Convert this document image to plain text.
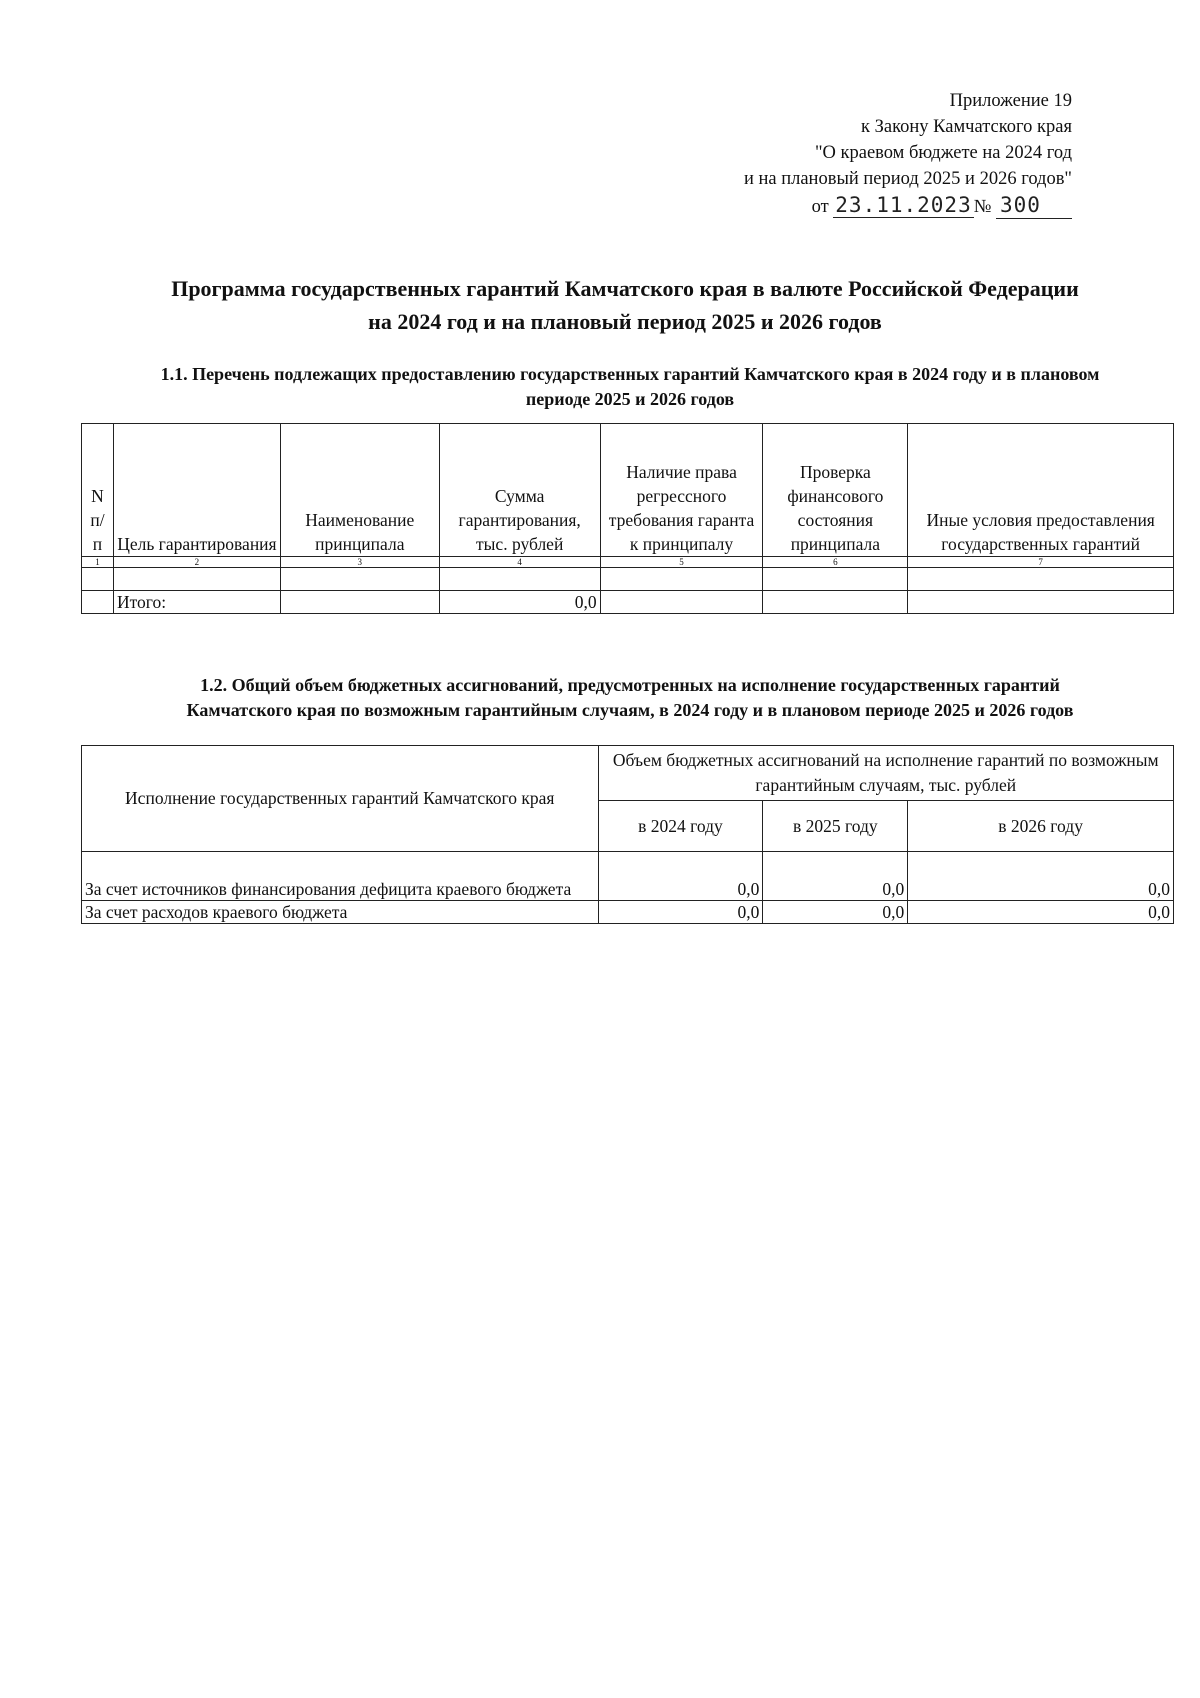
Приложение 19
к Закону Камчатского края
"О краевом бюджете на 2024 год
и на плановый период 2025 и 2026 годов"
от 23.11.2023 № 300
Программа государственных гарантий Камчатского края в валюте Российской Федерации
на 2024 год и на плановый период 2025 и 2026 годов
1.1. Перечень подлежащих предоставлению государственных гарантий Камчатского края в 2024 году и в плановом
периоде 2025 и 2026 годов
N п/ п	Цель гарантирования	Наименование принципала	Сумма гарантирования, тыс. рублей	Наличие права регрессного требования гаранта к принципалу	Проверка финансового состояния принципала	Иные условия предоставления государственных гарантий
1	2	3	4	5	6	7

	Итого:		0,0			
1.2. Общий объем бюджетных ассигнований, предусмотренных на исполнение государственных гарантий
Камчатского края по возможным гарантийным случаям, в 2024 году и в плановом периоде 2025 и 2026 годов
Исполнение государственных гарантий Камчатского края	Объем бюджетных ассигнований на исполнение гарантий по возможным гарантийным случаям, тыс. рублей		
	в 2024 году	в 2025 году	в 2026 году
За счет источников финансирования дефицита краевого бюджета	0,0	0,0	0,0
За счет расходов краевого бюджета	0,0	0,0	0,0
